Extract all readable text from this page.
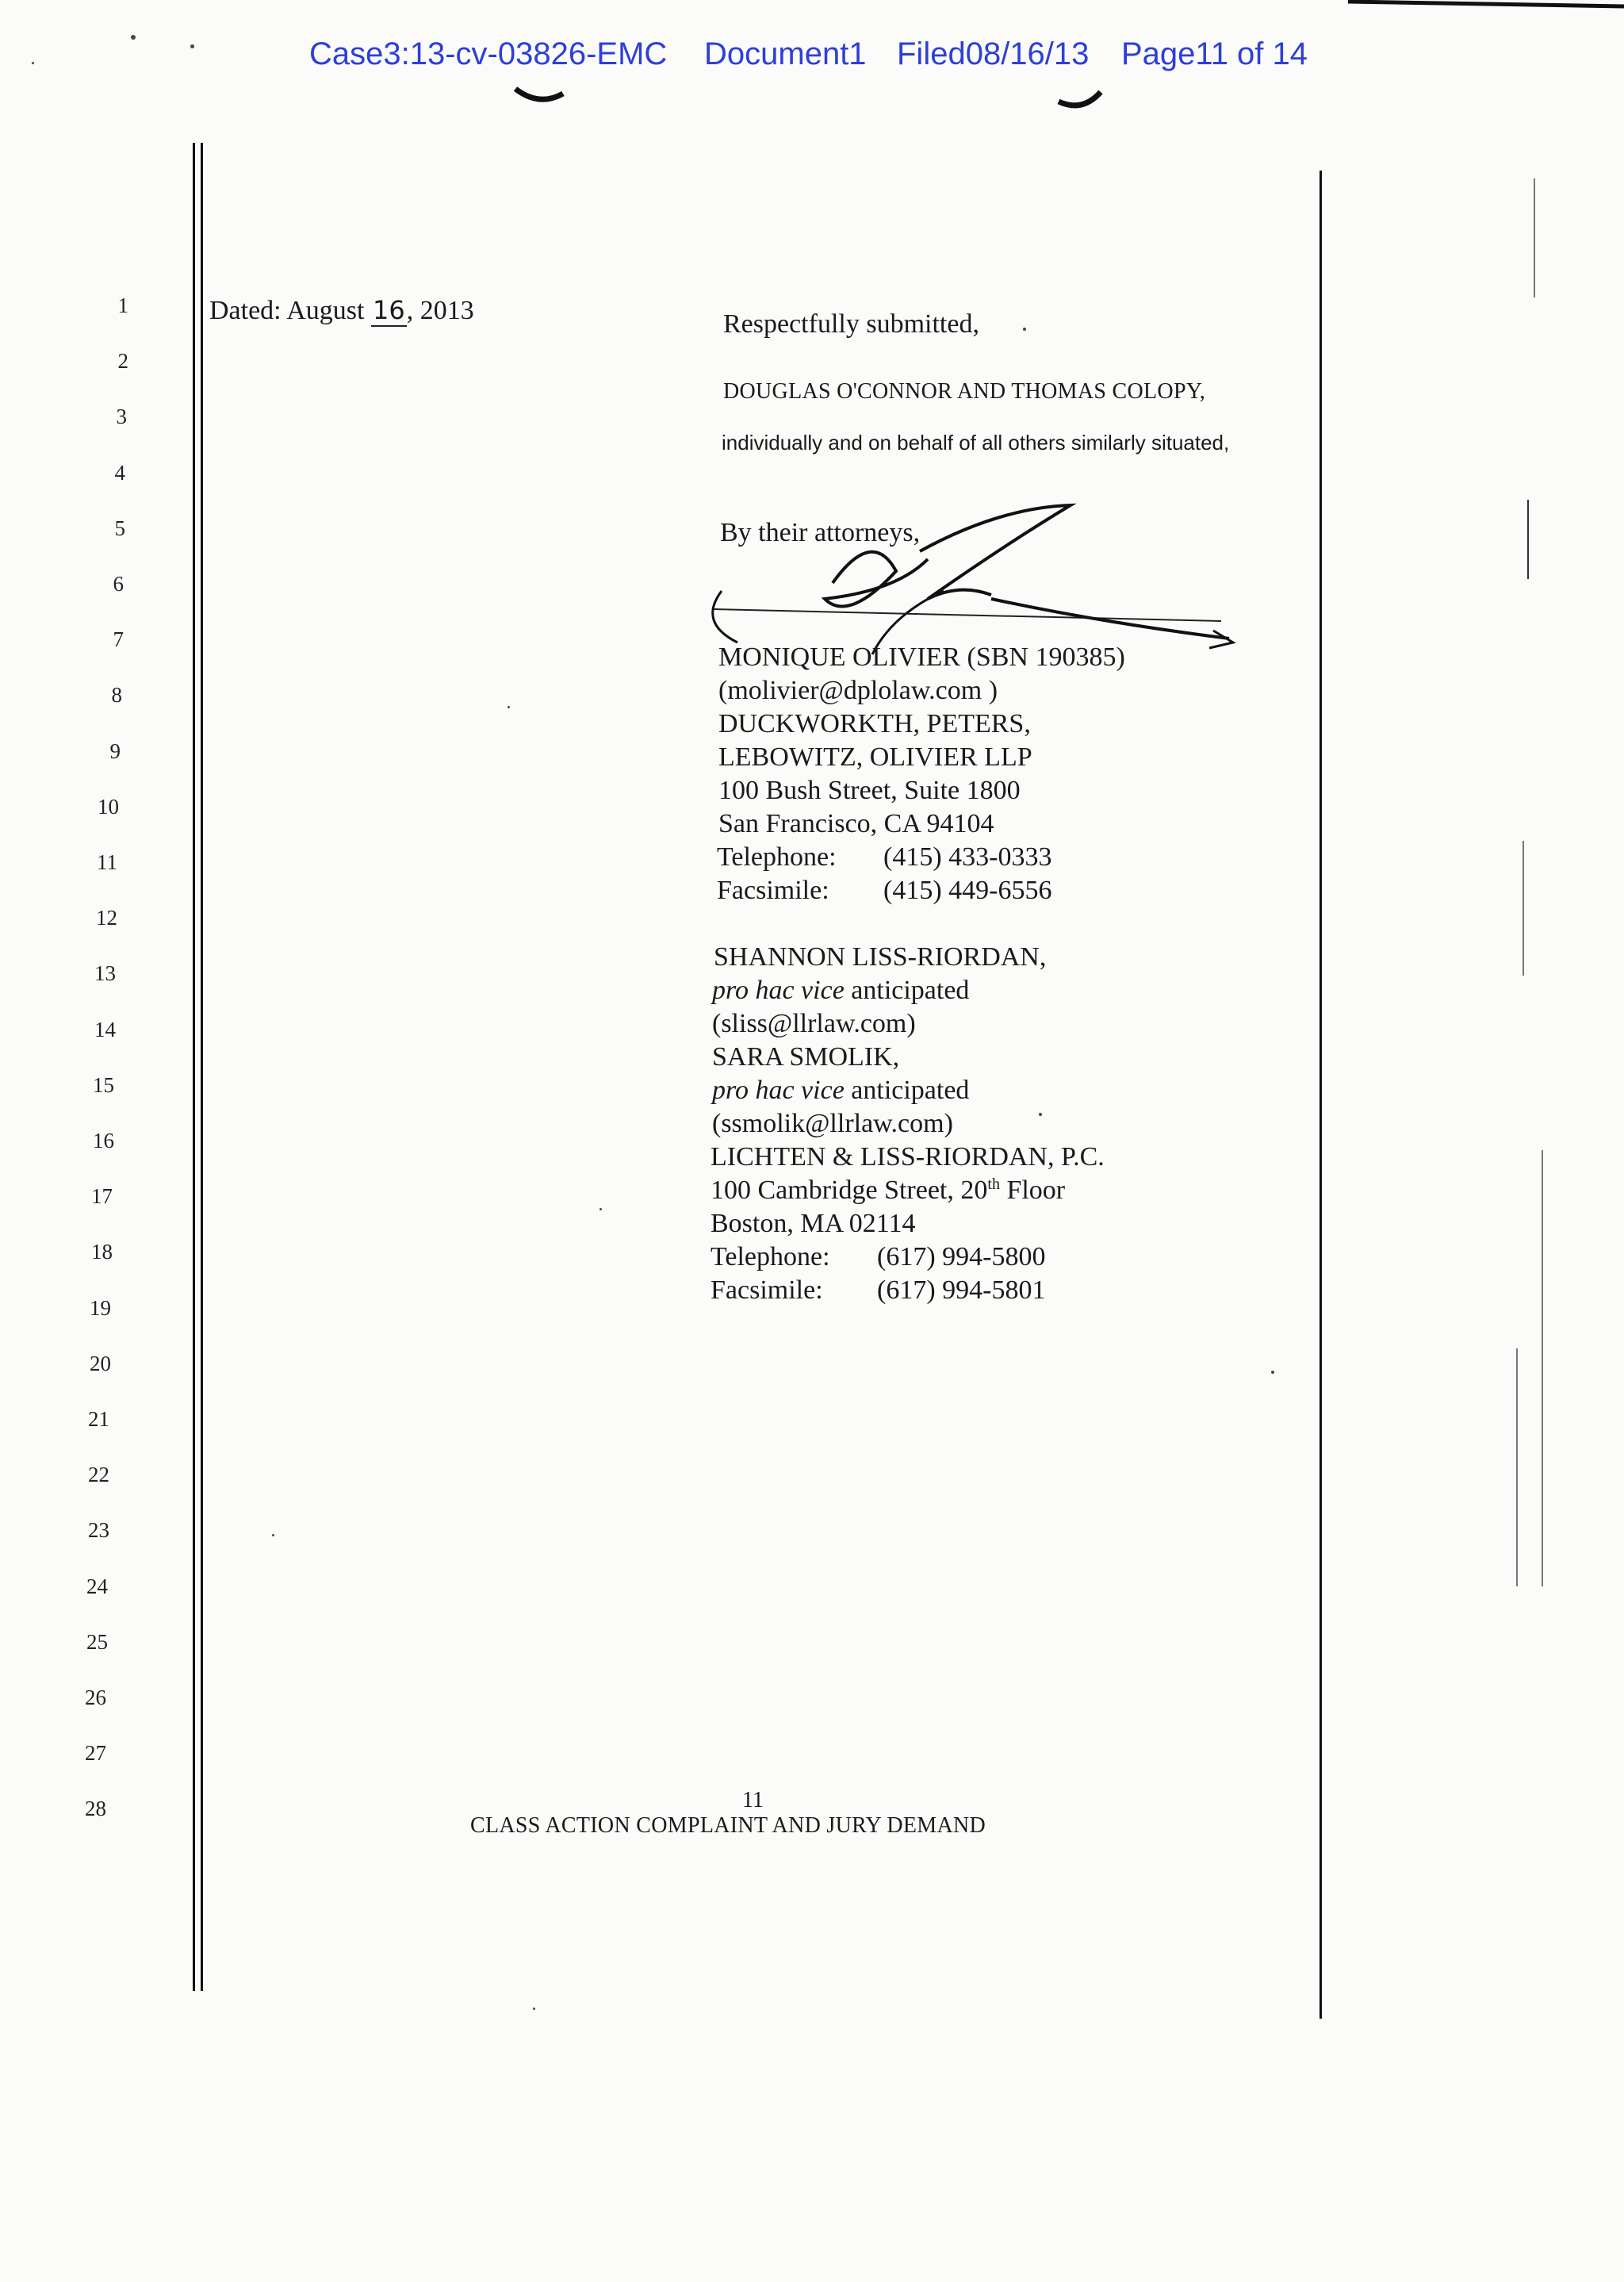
Case3:13-cv-03826-EMC Document1 Filed08/16/13 Page11 of 14
1
2
3
4
5
6
7
8
9
10
11
12
13
14
15
16
17
18
19
20
21
22
23
24
25
26
27
28
Dated: August 16, 2013	Respectfully submitted,
DOUGLAS O'CONNOR AND THOMAS COLOPY,
individually and on behalf of all others similarly situated,
By their attorneys,
MONIQUE OLIVIER (SBN 190385)
(molivier@dplolaw.com )
DUCKWORKTH, PETERS,
LEBOWITZ, OLIVIER LLP
100 Bush Street, Suite 1800
San Francisco, CA 94104
Telephone: (415) 433-0333
Facsimile: (415) 449-6556
SHANNON LISS-RIORDAN,
pro hac vice anticipated
(sliss@llrlaw.com)
SARA SMOLIK,
pro hac vice anticipated
(ssmolik@llrlaw.com)
LICHTEN & LISS-RIORDAN, P.C.
100 Cambridge Street, 20th Floor
Boston, MA 02114
Telephone: (617) 994-5800
Facsimile: (617) 994-5801
11
CLASS ACTION COMPLAINT AND JURY DEMAND
